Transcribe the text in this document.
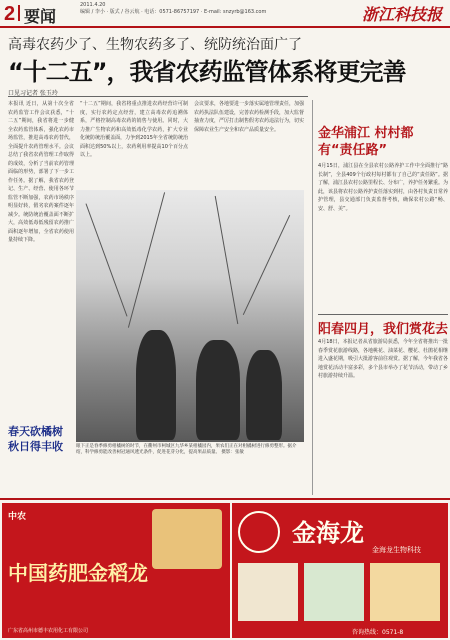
2 要闻
2011.4.20
编辑 / 李小 · 版式 / 谷云航 · 电话：0571-86757197 · E-mail: snzyrb@163.com	浙江科技报
高毒农药少了、生物农药多了、统防统治面广了
“十二五”，我省农药监管体系将更完善
口见习记者 张玉玲
本报讯 近日，从第十次全省农药监管工作会议获悉，“十二五”期间，我省将进一步健全农药监管体系，强化农药市场监管，推进高毒农药替代，全面提升农药管理水平。会议总结了我省农药管理工作取得的成效，分析了当前农药管理面临的形势，部署了下一步工作任务。据了解，我省农药登记、生产、经营、使用各环节监管不断加强，农药市场秩序明显好转，假劣农药案件逐年减少。统防统治覆盖面不断扩大，高效低毒低残留农药推广面积逐年增加，全省农药使用量持续下降。
“十二五”期间，我省将重点推进农药经营许可制度，实行农药定点经营，建立高毒农药追溯体系，严格控制高毒农药的销售与使用。同时，大力推广生物农药和高效低毒化学农药，扩大专业化统防统治覆盖面，力争到2015年全省统防统治面积达到50%以上，农药利用率提高10个百分点以上。
会议要求，各地要进一步落实属地管理责任，加强农药执法队伍建设，完善农药检测手段，加大监督抽查力度，严厉打击制售假劣农药违法行为，切实保障农业生产安全和农产品质量安全。
春天砍橘树 秋日得丰收	眼下正是春季修剪柑橘树的时节，在衢州市柯城区九华乡某柑橘园内，果农们正在对柑橘树进行修剪整形。据介绍，科学修剪能改善树冠通风透光条件，促进花芽分化，提高果品质量。 摄影：张敏
金华浦江 村村都有“责任路”
4月15日，浦江县在全县农村公路养护工作中全面推行“路长制”，全县409个行政村每村都有了自己的“责任路”。据了解，浦江县农村公路里程长、分布广，养护任务繁重。为此，该县将农村公路养护责任落实到村，由各村负责日常养护管理，县交通部门负责监督考核，确保农村公路“畅、安、舒、美”。
阳春四月，我们赏花去
4月18日，本报记者从省旅游局获悉，今年全省将推出一批春季赏花旅游线路，各地桃花、油菜花、樱花、杜鹃花相继进入盛花期，吸引大批游客前往观赏。据了解，今年我省各地赏花活动丰富多彩，多个县市举办了花节活动，带动了乡村旅游持续升温。
中农
中国药肥金稻龙
广东省高州市德丰农用化工有限公司
金海龙
金海龙生物科技
咨询热线：0571-8
